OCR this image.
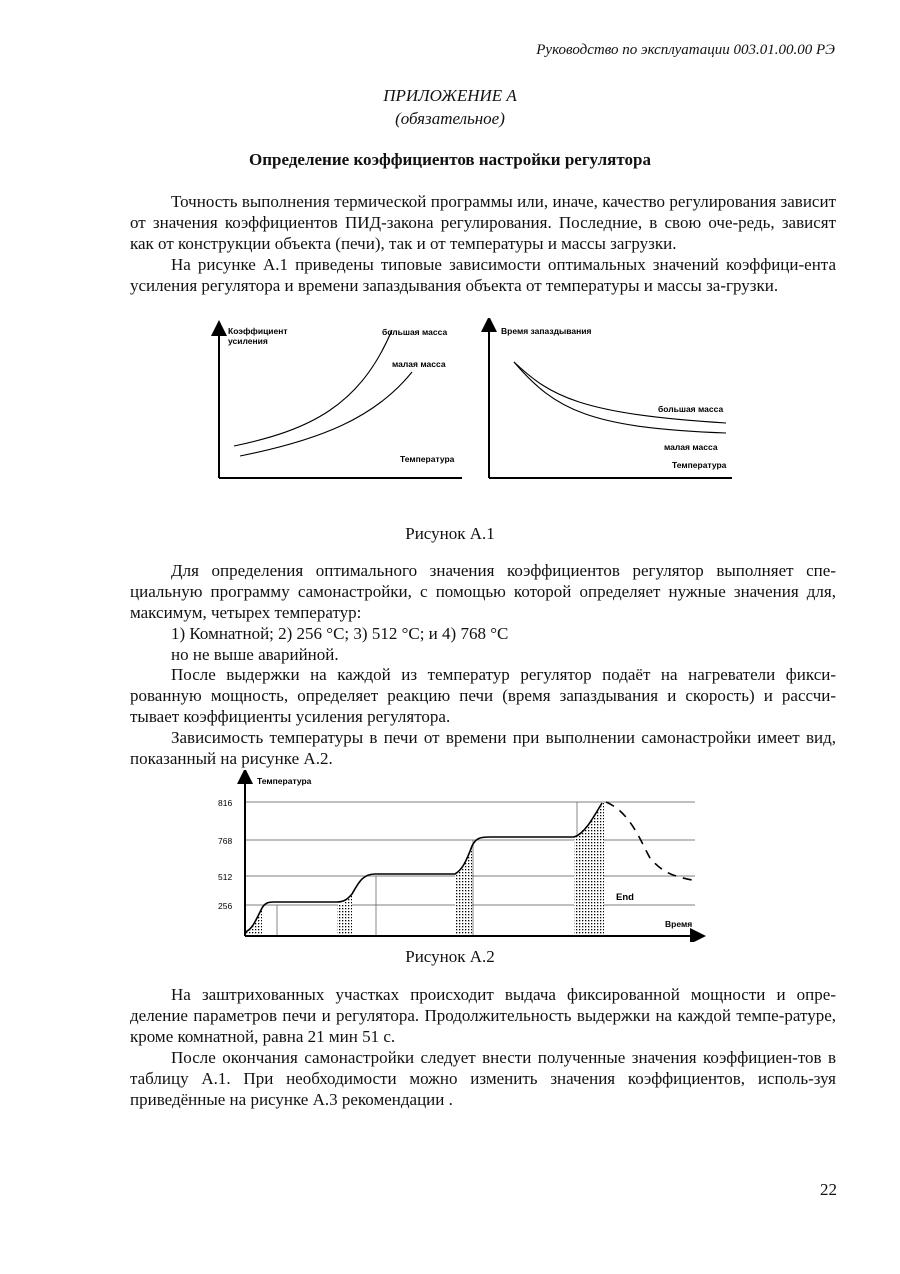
Руководство по эксплуатации 003.01.00.00 РЭ
ПРИЛОЖЕНИЕ А
(обязательное)
Определение коэффициентов настройки регулятора
Точность выполнения термической программы или, иначе, качество регулирования зависит от значения коэффициентов ПИД-закона регулирования. Последние, в свою оче-редь, зависят как от конструкции объекта (печи), так и от температуры и массы загрузки.
На рисунке А.1 приведены типовые зависимости оптимальных значений коэффици-ента усиления регулятора и времени запаздывания объекта от температуры и массы за-грузки.
Коэффициент
усиления
Температура
большая масса
малая масса
Время запаздывания
Температура
большая масса
малая масса
Рисунок А.1
Для определения оптимального значения коэффициентов регулятор выполняет спе-циальную программу самонастройки, с помощью которой определяет нужные значения для, максимум, четырех температур:
1) Комнатной; 2) 256 °C; 3) 512 °C; и 4) 768 °C
но не выше аварийной.
После выдержки на каждой из температур регулятор подаёт на нагреватели фикси-рованную мощность, определяет реакцию печи (время запаздывания и скорость) и рассчи-тывает коэффициенты усиления регулятора.
Зависимость температуры в печи от времени при выполнении самонастройки имеет вид, показанный на рисунке А.2.
Температура
Время
End
816
768
512
256
Рисунок А.2
На заштрихованных участках происходит выдача фиксированной мощности и опре-деление параметров печи и регулятора. Продолжительность выдержки на каждой темпе-ратуре, кроме комнатной, равна 21 мин 51 с.
После окончания самонастройки следует внести полученные значения коэффициен-тов в таблицу А.1. При необходимости можно изменить значения коэффициентов, исполь-зуя приведённые на рисунке А.3 рекомендации .
22
